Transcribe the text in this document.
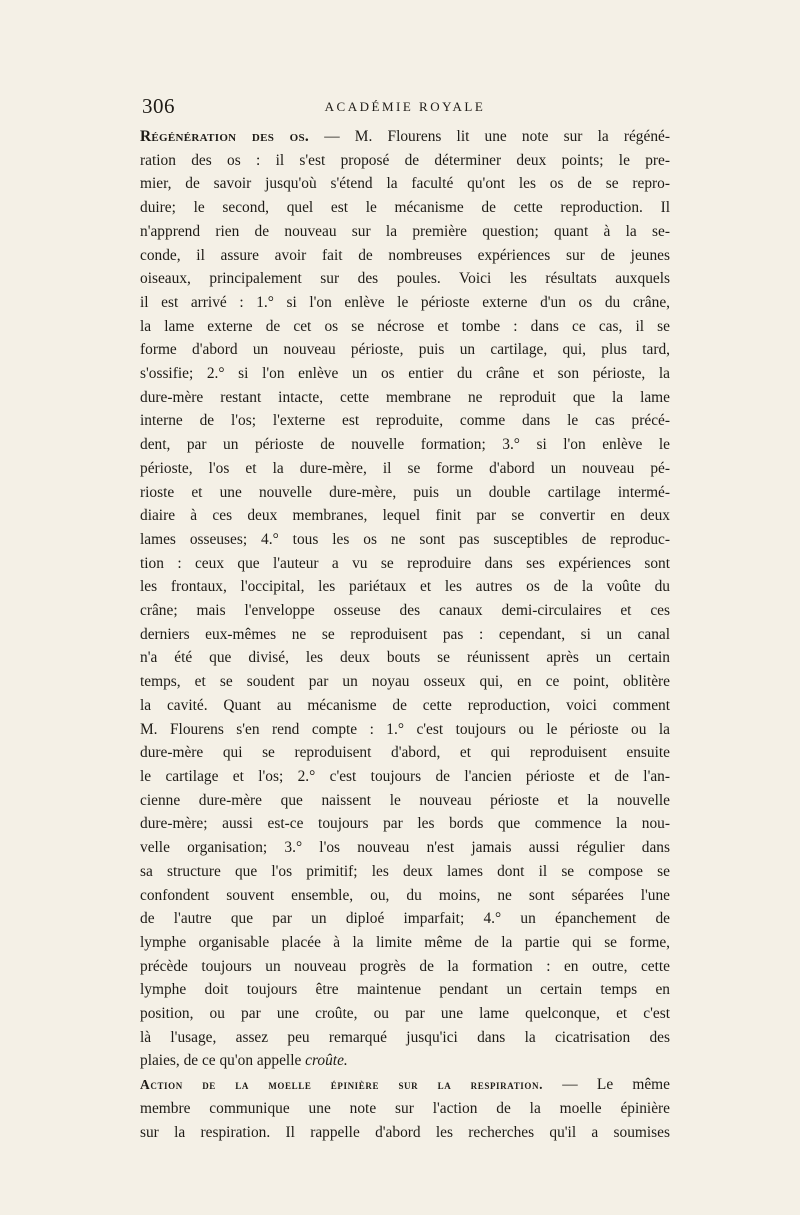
306	ACADÉMIE ROYALE
Régénération des os. — M. Flourens lit une note sur la régéné-
ration des os : il s'est proposé de déterminer deux points; le pre-
mier, de savoir jusqu'où s'étend la faculté qu'ont les os de se repro-
duire; le second, quel est le mécanisme de cette reproduction. Il
n'apprend rien de nouveau sur la première question; quant à la se-
conde, il assure avoir fait de nombreuses expériences sur de jeunes
oiseaux, principalement sur des poules. Voici les résultats auxquels
il est arrivé : 1.° si l'on enlève le périoste externe d'un os du crâne,
la lame externe de cet os se nécrose et tombe : dans ce cas, il se
forme d'abord un nouveau périoste, puis un cartilage, qui, plus tard,
s'ossifie; 2.° si l'on enlève un os entier du crâne et son périoste, la
dure-mère restant intacte, cette membrane ne reproduit que la lame
interne de l'os; l'externe est reproduite, comme dans le cas précé-
dent, par un périoste de nouvelle formation; 3.° si l'on enlève le
périoste, l'os et la dure-mère, il se forme d'abord un nouveau pé-
rioste et une nouvelle dure-mère, puis un double cartilage intermé-
diaire à ces deux membranes, lequel finit par se convertir en deux
lames osseuses; 4.° tous les os ne sont pas susceptibles de reproduc-
tion : ceux que l'auteur a vu se reproduire dans ses expériences sont
les frontaux, l'occipital, les pariétaux et les autres os de la voûte du
crâne; mais l'enveloppe osseuse des canaux demi-circulaires et ces
derniers eux-mêmes ne se reproduisent pas : cependant, si un canal
n'a été que divisé, les deux bouts se réunissent après un certain
temps, et se soudent par un noyau osseux qui, en ce point, oblitère
la cavité. Quant au mécanisme de cette reproduction, voici comment
M. Flourens s'en rend compte : 1.° c'est toujours ou le périoste ou la
dure-mère qui se reproduisent d'abord, et qui reproduisent ensuite
le cartilage et l'os; 2.° c'est toujours de l'ancien périoste et de l'an-
cienne dure-mère que naissent le nouveau périoste et la nouvelle
dure-mère; aussi est-ce toujours par les bords que commence la nou-
velle organisation; 3.° l'os nouveau n'est jamais aussi régulier dans
sa structure que l'os primitif; les deux lames dont il se compose se
confondent souvent ensemble, ou, du moins, ne sont séparées l'une
de l'autre que par un diploé imparfait; 4.° un épanchement de
lymphe organisable placée à la limite même de la partie qui se forme,
précède toujours un nouveau progrès de la formation : en outre, cette
lymphe doit toujours être maintenue pendant un certain temps en
position, ou par une croûte, ou par une lame quelconque, et c'est
là l'usage, assez peu remarqué jusqu'ici dans la cicatrisation des
plaies, de ce qu'on appelle croûte.
Action de la moelle épinière sur la respiration. — Le même
membre communique une note sur l'action de la moelle épinière
sur la respiration. Il rappelle d'abord les recherches qu'il a soumises
